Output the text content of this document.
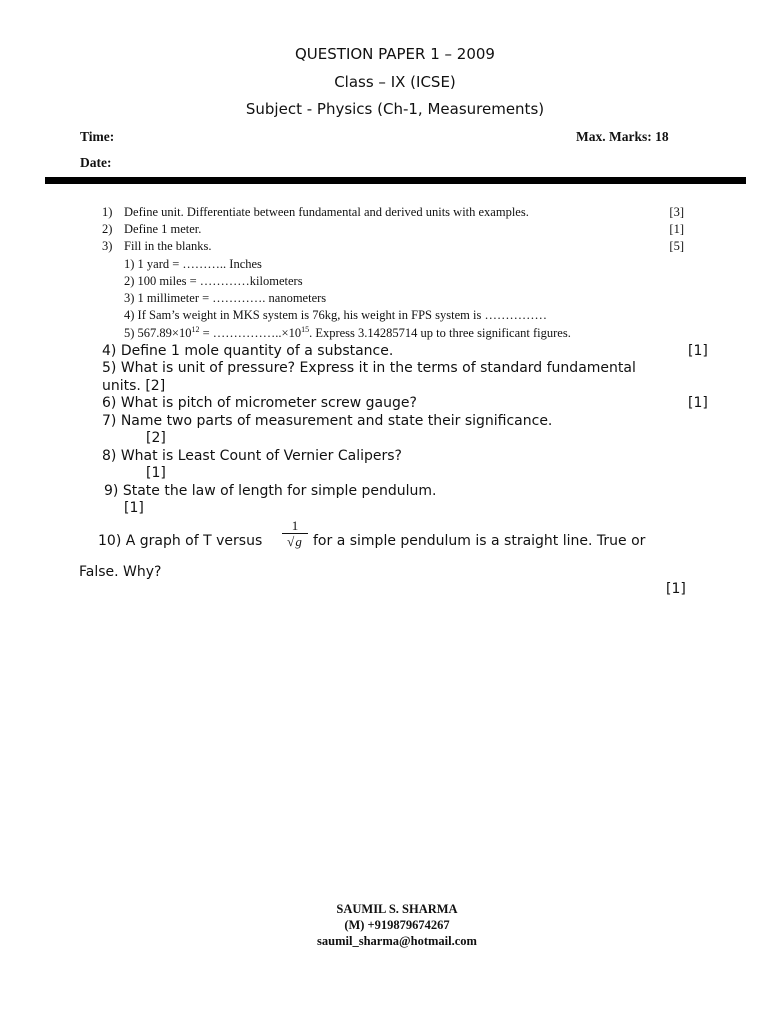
QUESTION PAPER 1 – 2009
Class – IX (ICSE)
Subject - Physics (Ch-1, Measurements)
Time:	Max. Marks: 18
Date:
1) Define unit. Differentiate between fundamental and derived units with examples.	[3]
2) Define 1 meter.	[1]
3) Fill in the blanks.	[5]
1) 1 yard = ……….. Inches
2) 100 miles = …………kilometers
3) 1 millimeter = …………. nanometers
4) If Sam’s weight in MKS system is 76kg, his weight in FPS system is ……………
5) $567.89\times 10^{12}$ = $\dots\dots\dots\dots\dots..\times 10^{15}$. Express 3.14285714 up to three significant figures.
4) Define 1 mole quantity of a substance.	[1]
5) What is unit of pressure? Express it in the terms of standard fundamental
units. [2]
6) What is pitch of micrometer screw gauge?	[1]
7) Name two parts of measurement and state their significance.
[2]
8) What is Least Count of Vernier Calipers?
[1]
9) State the law of length for simple pendulum.
[1]
10) A graph of T versus $\frac{1}{√g}$ for a simple pendulum is a straight line. True or
False. Why?
[1]
SAUMIL S. SHARMA
(M) +919879674267
saumil_sharma@hotmail.com
